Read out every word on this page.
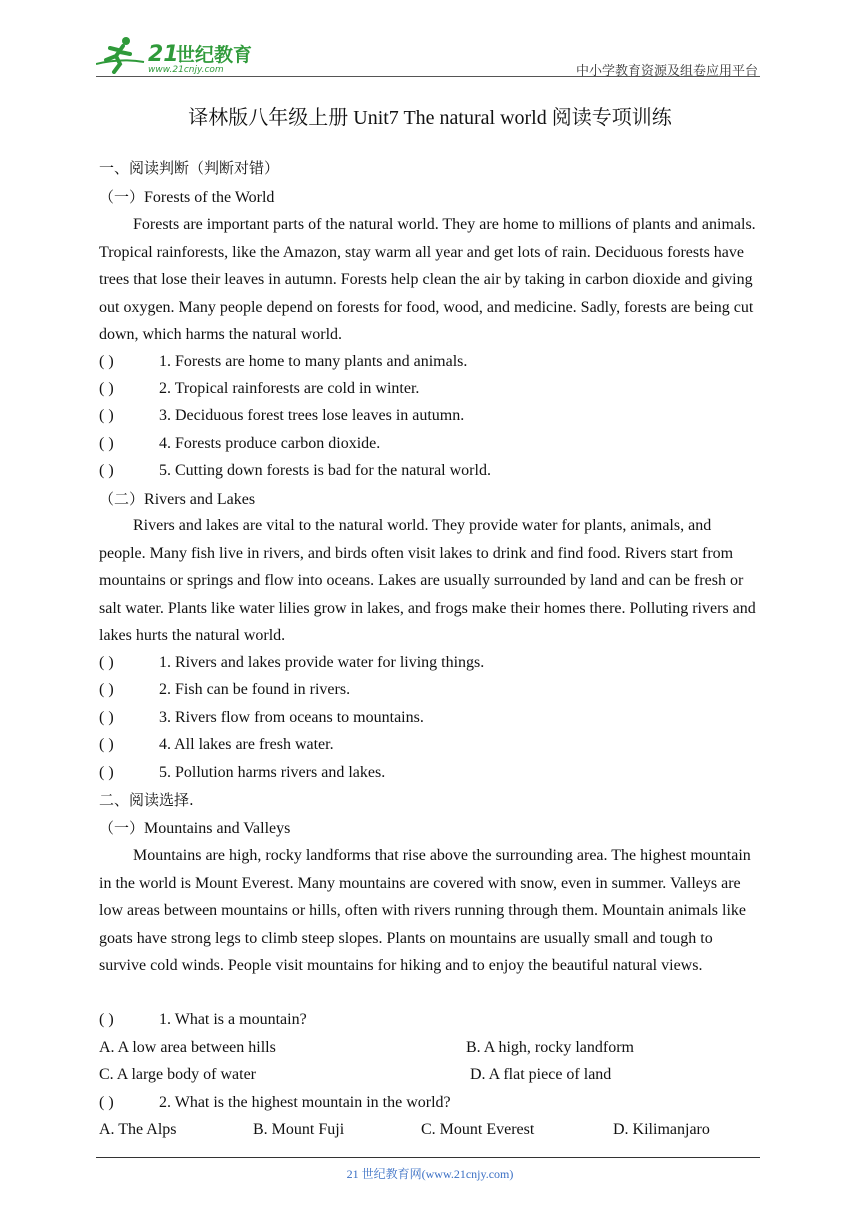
21
世纪教育
www.21cnjy.com	中小学教育资源及组卷应用平台
译林版八年级上册 Unit7 The natural world 阅读专项训练
一、阅读判断（判断对错）
（一）Forests of the World
Forests are important parts of the natural world. They are home to millions of plants and animals. Tropical rainforests, like the Amazon, stay warm all year and get lots of rain. Deciduous forests have trees that lose their leaves in autumn. Forests help clean the air by taking in carbon dioxide and giving out oxygen. Many people depend on forests for food, wood, and medicine. Sadly, forests are being cut down, which harms the natural world.
( )	1. Forests are home to many plants and animals.
( )	2. Tropical rainforests are cold in winter.
( )	3. Deciduous forest trees lose leaves in autumn.
( )	4. Forests produce carbon dioxide.
( )	5. Cutting down forests is bad for the natural world.
（二）Rivers and Lakes
Rivers and lakes are vital to the natural world. They provide water for plants, animals, and people. Many fish live in rivers, and birds often visit lakes to drink and find food. Rivers start from mountains or springs and flow into oceans. Lakes are usually surrounded by land and can be fresh or salt water. Plants like water lilies grow in lakes, and frogs make their homes there. Polluting rivers and lakes hurts the natural world.
( )	1. Rivers and lakes provide water for living things.
( )	2. Fish can be found in rivers.
( )	3. Rivers flow from oceans to mountains.
( )	4. All lakes are fresh water.
( )	5. Pollution harms rivers and lakes.
二、阅读选择.
（一）Mountains and Valleys
Mountains are high, rocky landforms that rise above the surrounding area. The highest mountain in the world is Mount Everest. Many mountains are covered with snow, even in summer. Valleys are low areas between mountains or hills, often with rivers running through them. Mountain animals like goats have strong legs to climb steep slopes. Plants on mountains are usually small and tough to survive cold winds. People visit mountains for hiking and to enjoy the beautiful natural views.
( )	1. What is a mountain?
A. A low area between hills	B. A high, rocky landform
C. A large body of water	D. A flat piece of land
( )	2. What is the highest mountain in the world?
A. The Alps	B. Mount Fuji	C. Mount Everest	D. Kilimanjaro
21 世纪教育网(www.21cnjy.com)
